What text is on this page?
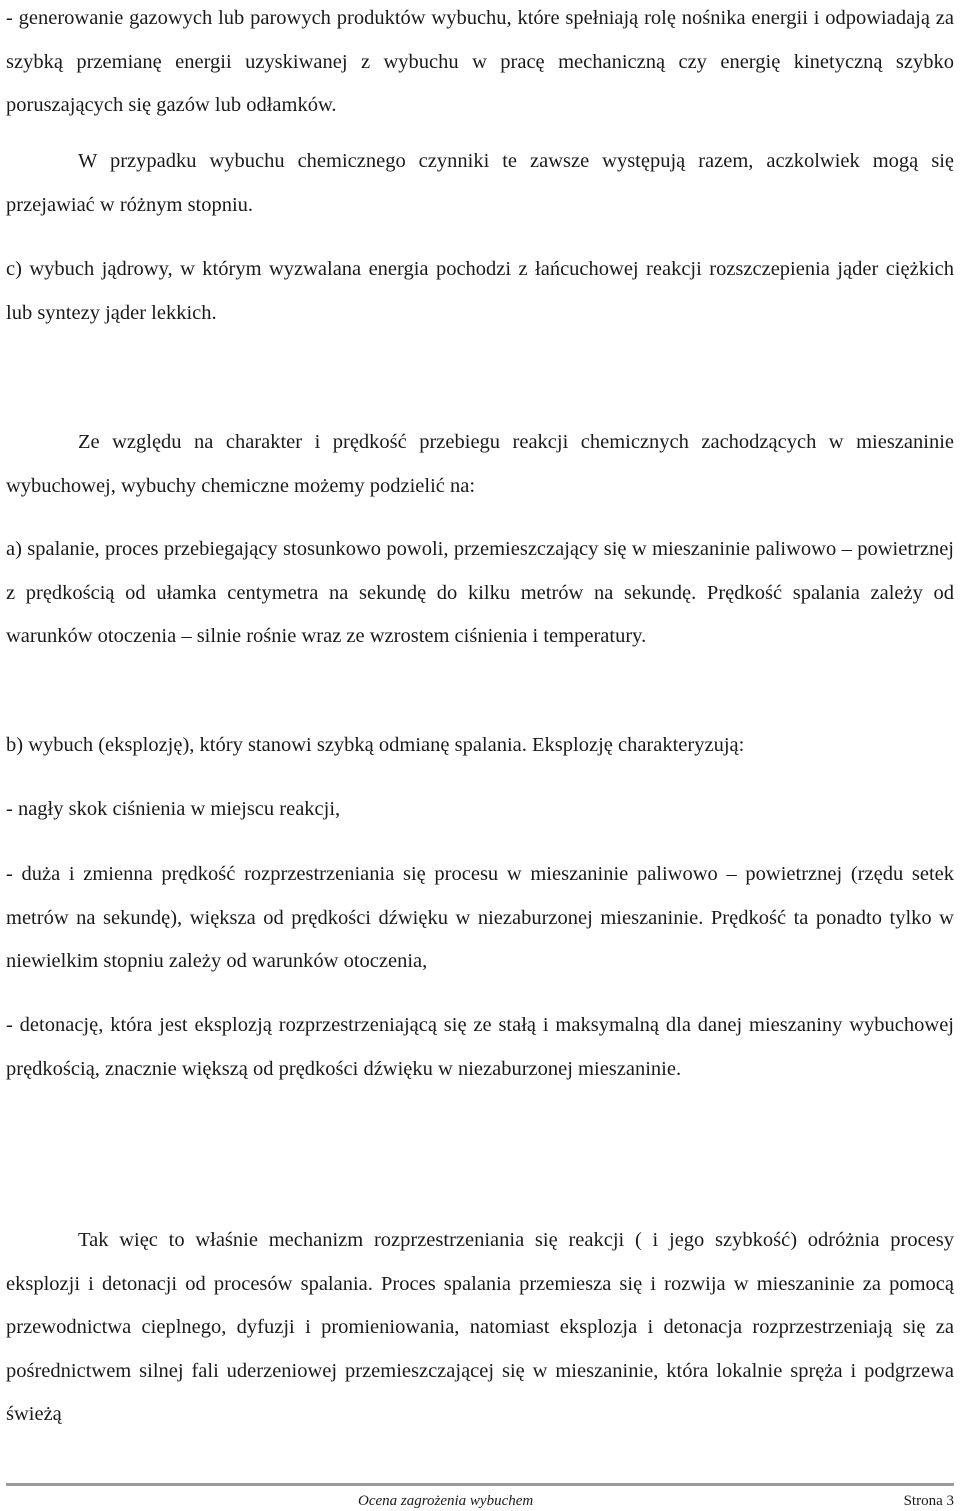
- generowanie gazowych lub parowych produktów wybuchu, które spełniają rolę nośnika energii i odpowiadają za szybką przemianę energii uzyskiwanej z wybuchu w pracę mechaniczną czy energię kinetyczną szybko poruszających się gazów lub odłamków.

W przypadku wybuchu chemicznego czynniki te zawsze występują razem, aczkolwiek mogą się przejawiać w różnym stopniu.

c) wybuch jądrowy, w którym wyzwalana energia pochodzi z łańcuchowej reakcji rozszczepienia jąder ciężkich lub syntezy jąder lekkich.

Ze względu na charakter i prędkość przebiegu reakcji chemicznych zachodzących w mieszaninie wybuchowej, wybuchy chemiczne możemy podzielić na:

a) spalanie, proces przebiegający stosunkowo powoli, przemieszczający się w mieszaninie paliwowo – powietrznej z prędkością od ułamka centymetra na sekundę do kilku metrów na sekundę. Prędkość spalania zależy od warunków otoczenia – silnie rośnie wraz ze wzrostem ciśnienia i temperatury.

b) wybuch (eksplozję), który stanowi szybką odmianę spalania. Eksplozję charakteryzują:

- nagły skok ciśnienia w miejscu reakcji,

- duża i zmienna prędkość rozprzestrzeniania się procesu w mieszaninie paliwowo – powietrznej (rzędu setek metrów na sekundę), większa od prędkości dźwięku w niezaburzonej mieszaninie. Prędkość ta ponadto tylko w niewielkim stopniu zależy od warunków otoczenia,

- detonację, która jest eksplozją rozprzestrzeniającą się ze stałą i maksymalną dla danej mieszaniny wybuchowej prędkością, znacznie większą od prędkości dźwięku w niezaburzonej mieszaninie.

Tak więc to właśnie mechanizm rozprzestrzeniania się reakcji ( i jego szybkość) odróżnia procesy eksplozji i detonacji od procesów spalania. Proces spalania przemiesza się i rozwija w mieszaninie za pomocą przewodnictwa cieplnego, dyfuzji i promieniowania, natomiast eksplozja i detonacja rozprzestrzeniają się za pośrednictwem silnej fali uderzeniowej przemieszczającej się w mieszaninie, która lokalnie spręża i podgrzewa świeżą

Ocena zagrożenia wybuchem	Strona 3
